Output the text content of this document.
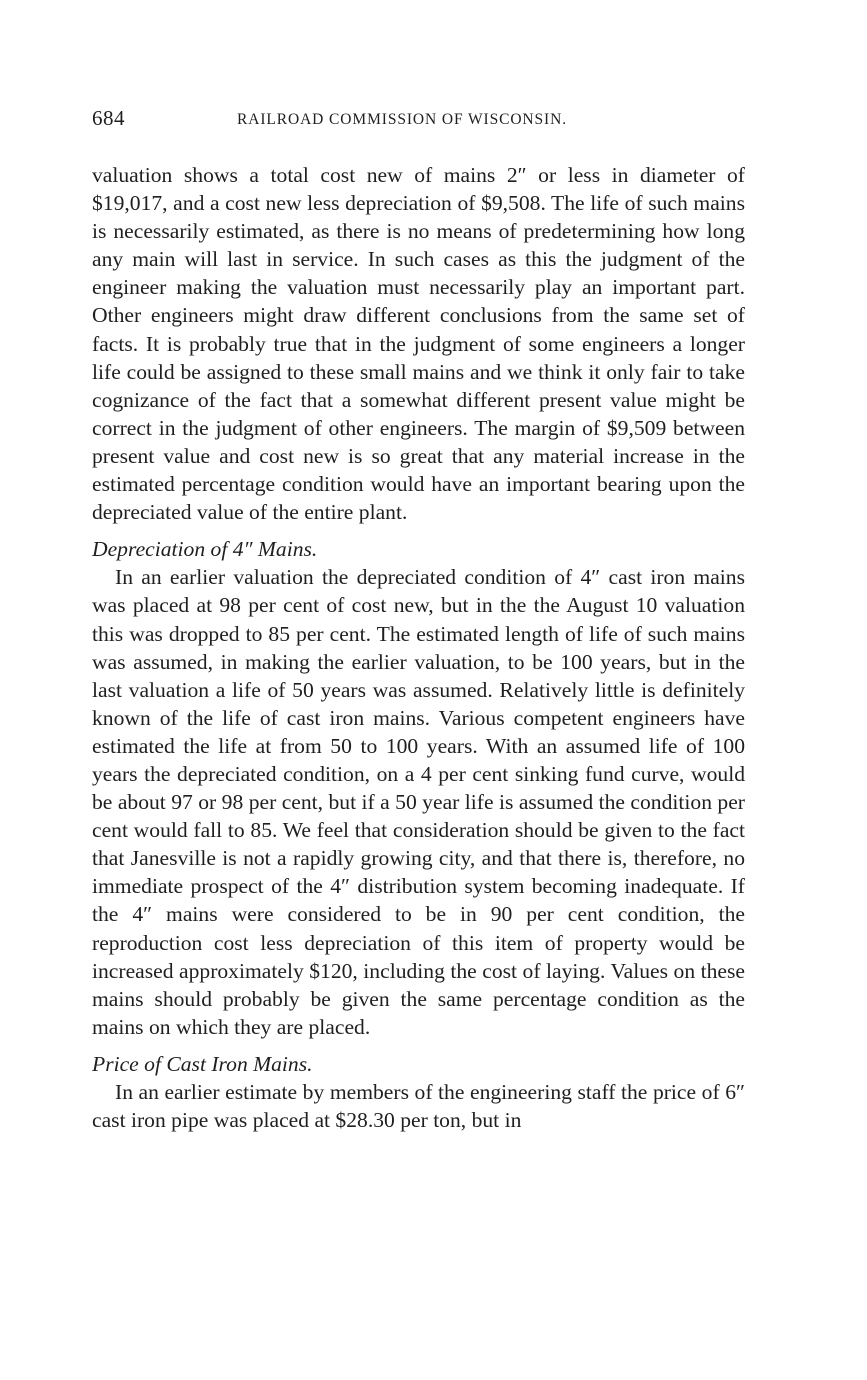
684	RAILROAD COMMISSION OF WISCONSIN.

valuation shows a total cost new of mains 2″ or less in diameter of $19,017, and a cost new less depreciation of $9,508. The life of such mains is necessarily estimated, as there is no means of predetermining how long any main will last in service. In such cases as this the judgment of the engineer making the valuation must necessarily play an important part. Other engineers might draw different conclusions from the same set of facts. It is probably true that in the judgment of some engineers a longer life could be assigned to these small mains and we think it only fair to take cognizance of the fact that a somewhat different present value might be correct in the judgment of other engineers. The margin of $9,509 between present value and cost new is so great that any material increase in the estimated percentage condition would have an important bearing upon the depreciated value of the entire plant.

Depreciation of 4″ Mains.

In an earlier valuation the depreciated condition of 4″ cast iron mains was placed at 98 per cent of cost new, but in the the August 10 valuation this was dropped to 85 per cent. The estimated length of life of such mains was assumed, in making the earlier valuation, to be 100 years, but in the last valuation a life of 50 years was assumed. Relatively little is definitely known of the life of cast iron mains. Various competent engineers have estimated the life at from 50 to 100 years. With an assumed life of 100 years the depreciated condition, on a 4 per cent sinking fund curve, would be about 97 or 98 per cent, but if a 50 year life is assumed the condition per cent would fall to 85. We feel that consideration should be given to the fact that Janesville is not a rapidly growing city, and that there is, therefore, no immediate prospect of the 4″ distribution system becoming inadequate. If the 4″ mains were considered to be in 90 per cent condition, the reproduction cost less depreciation of this item of property would be increased approximately $120, including the cost of laying. Values on these mains should probably be given the same percentage condition as the mains on which they are placed.

Price of Cast Iron Mains.

In an earlier estimate by members of the engineering staff the price of 6″ cast iron pipe was placed at $28.30 per ton, but in
